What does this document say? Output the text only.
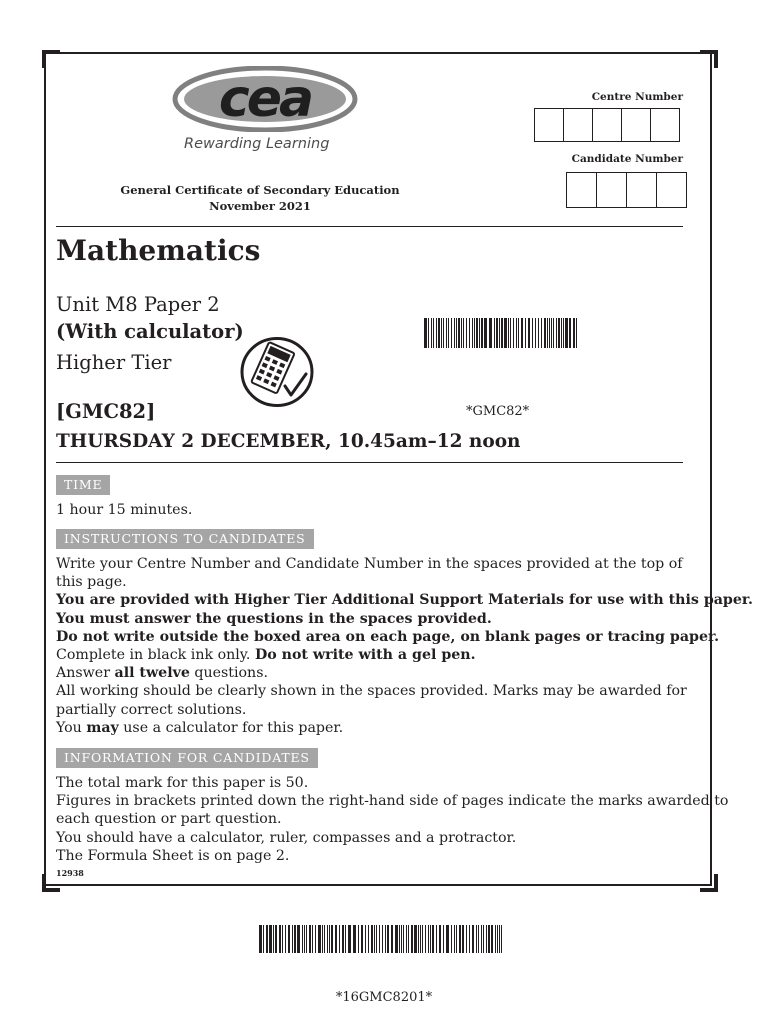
cea
Rewarding Learning
General Certificate of Secondary Education
November 2021
Centre Number
Candidate Number
Mathematics
Unit M8 Paper 2
(With calculator)
Higher Tier
*GMC82*
[GMC82]
THURSDAY 2 DECEMBER, 10.45am–12 noon
TIME
1 hour 15 minutes.
INSTRUCTIONS TO CANDIDATES
Write your Centre Number and Candidate Number in the spaces provided at the top of
this page.
You are provided with Higher Tier Additional Support Materials for use with this paper.
You must answer the questions in the spaces provided.
Do not write outside the boxed area on each page, on blank pages or tracing paper.
Complete in black ink only. Do not write with a gel pen.
Answer all twelve questions.
All working should be clearly shown in the spaces provided. Marks may be awarded for
partially correct solutions.
You may use a calculator for this paper.
INFORMATION FOR CANDIDATES
The total mark for this paper is 50.
Figures in brackets printed down the right-hand side of pages indicate the marks awarded to
each question or part question.
You should have a calculator, ruler, compasses and a protractor.
The Formula Sheet is on page 2.
12938
*16GMC8201*
